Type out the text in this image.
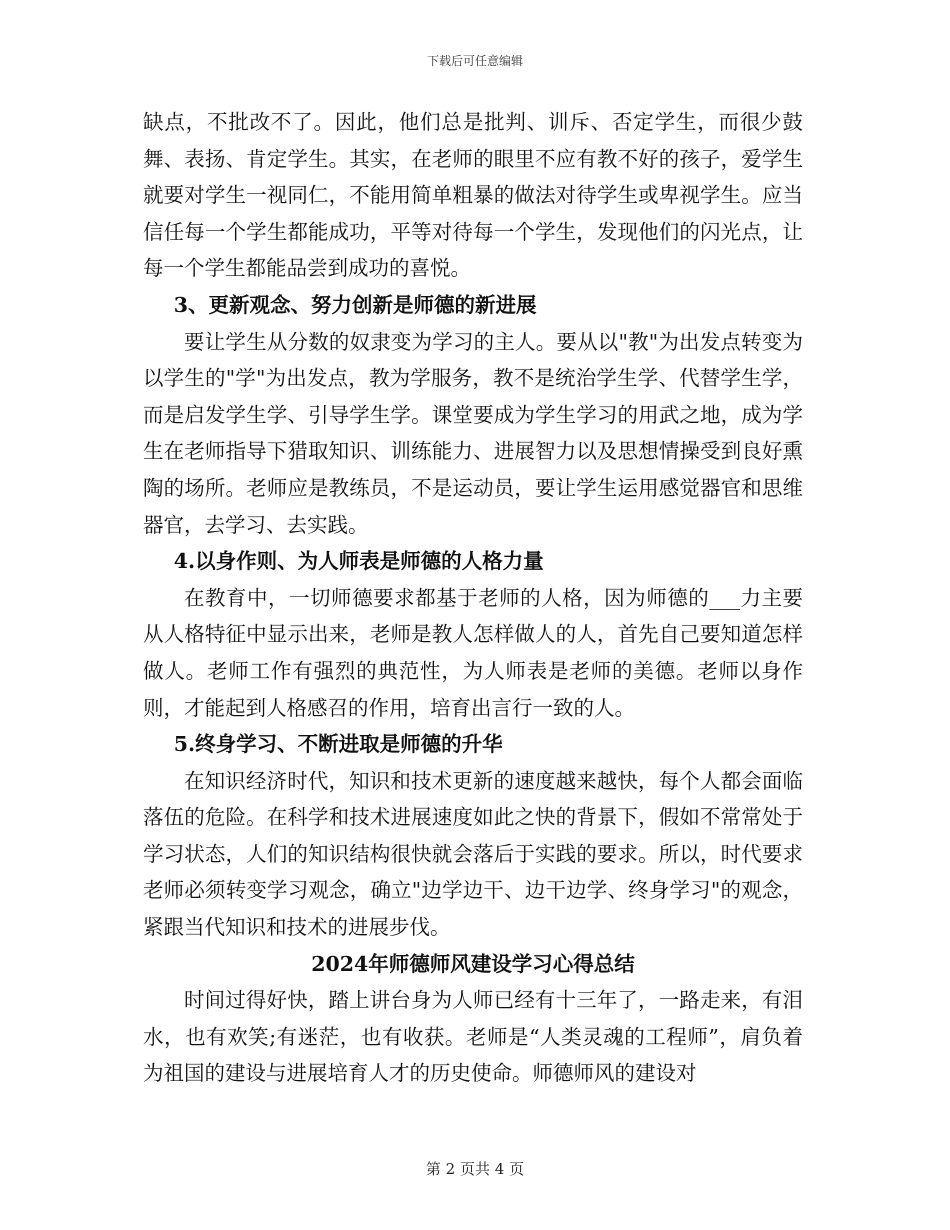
下载后可任意编辑

缺点，不批改不了。因此，他们总是批判、训斥、否定学生，而很少鼓舞、表扬、肯定学生。其实，在老师的眼里不应有教不好的孩子，爱学生就要对学生一视同仁，不能用简单粗暴的做法对待学生或卑视学生。应当信任每一个学生都能成功，平等对待每一个学生，发现他们的闪光点，让每一个学生都能品尝到成功的喜悦。

3、更新观念、努力创新是师德的新进展

要让学生从分数的奴隶变为学习的主人。要从以"教"为出发点转变为以学生的"学"为出发点，教为学服务，教不是统治学生学、代替学生学，而是启发学生学、引导学生学。课堂要成为学生学习的用武之地，成为学生在老师指导下猎取知识、训练能力、进展智力以及思想情操受到良好熏陶的场所。老师应是教练员，不是运动员，要让学生运用感觉器官和思维器官，去学习、去实践。

4.以身作则、为人师表是师德的人格力量

在教育中，一切师德要求都基于老师的人格，因为师德的___力主要从人格特征中显示出来，老师是教人怎样做人的人，首先自己要知道怎样做人。老师工作有强烈的典范性，为人师表是老师的美德。老师以身作则，才能起到人格感召的作用，培育出言行一致的人。

5.终身学习、不断进取是师德的升华

在知识经济时代，知识和技术更新的速度越来越快，每个人都会面临落伍的危险。在科学和技术进展速度如此之快的背景下，假如不常常处于学习状态，人们的知识结构很快就会落后于实践的要求。所以，时代要求老师必须转变学习观念，确立"边学边干、边干边学、终身学习"的观念，紧跟当代知识和技术的进展步伐。

2024年师德师风建设学习心得总结

时间过得好快，踏上讲台身为人师已经有十三年了，一路走来，有泪水，也有欢笑;有迷茫，也有收获。老师是“人类灵魂的工程师”，肩负着为祖国的建设与进展培育人才的历史使命。师德师风的建设对

第 2 页共 4 页
